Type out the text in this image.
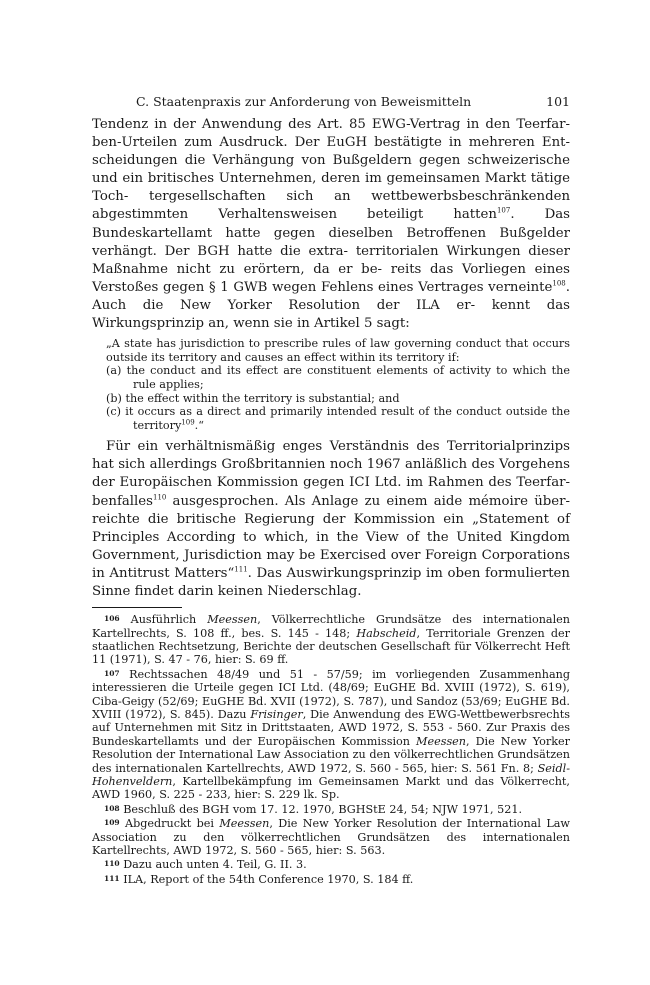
C. Staatenpraxis zur Anforderung von Beweismitteln	101

Tendenz in der Anwendung des Art. 85 EWG-Vertrag in den Teerfar- ben-Urteilen zum Ausdruck. Der EuGH bestätigte in mehreren Ent- scheidungen die Verhängung von Bußgeldern gegen schweizerische und ein britisches Unternehmen, deren im gemeinsamen Markt tätige Toch- tergesellschaften sich an wettbewerbsbeschränkenden abgestimmten Verhaltensweisen beteiligt hatten$^{107}$. Das Bundeskartellamt hatte gegen dieselben Betroffenen Bußgelder verhängt. Der BGH hatte die extra- territorialen Wirkungen dieser Maßnahme nicht zu erörtern, da er be- reits das Vorliegen eines Verstoßes gegen § 1 GWB wegen Fehlens eines Vertrages verneinte$^{108}$. Auch die New Yorker Resolution der ILA er- kennt das Wirkungsprinzip an, wenn sie in Artikel 5 sagt:

„A state has jurisdiction to prescribe rules of law governing conduct that occurs outside its territory and causes an effect within its territory if:

(a) the conduct and its effect are constituent elements of activity to which the rule applies;

(b) the effect within the territory is substantial; and

(c) it occurs as a direct and primarily intended result of the conduct outside the territory$^{109}$.“

Für ein verhältnismäßig enges Verständnis des Territorialprinzips hat sich allerdings Großbritannien noch 1967 anläßlich des Vorgehens der Europäischen Kommission gegen ICI Ltd. im Rahmen des Teerfar- benfalles$^{110}$ ausgesprochen. Als Anlage zu einem aide mémoire über- reichte die britische Regierung der Kommission ein „Statement of Principles According to which, in the View of the United Kingdom Government, Jurisdiction may be Exercised over Foreign Corporations in Antitrust Matters“$^{111}$. Das Auswirkungsprinzip im oben formulierten Sinne findet darin keinen Niederschlag.

106 Ausführlich Meessen, Völkerrechtliche Grundsätze des internationalen Kartellrechts, S. 108 ff., bes. S. 145 - 148; Habscheid, Territoriale Grenzen der staatlichen Rechtsetzung, Berichte der deutschen Gesellschaft für Völkerrecht Heft 11 (1971), S. 47 - 76, hier: S. 69 ff.

107 Rechtssachen 48/49 und 51 - 57/59; im vorliegenden Zusammenhang interessieren die Urteile gegen ICI Ltd. (48/69; EuGHE Bd. XVIII (1972), S. 619), Ciba-Geigy (52/69; EuGHE Bd. XVII (1972), S. 787), und Sandoz (53/69; EuGHE Bd. XVIII (1972), S. 845). Dazu Frisinger, Die Anwendung des EWG-Wettbewerbsrechts auf Unternehmen mit Sitz in Drittstaaten, AWD 1972, S. 553 - 560. Zur Praxis des Bundeskartellamts und der Europäischen Kommission Meessen, Die New Yorker Resolution der International Law Association zu den völkerrechtlichen Grundsätzen des internationalen Kartellrechts, AWD 1972, S. 560 - 565, hier: S. 561 Fn. 8; Seidl-Hohenveldern, Kartellbekämpfung im Gemeinsamen Markt und das Völkerrecht, AWD 1960, S. 225 - 233, hier: S. 229 lk. Sp.

108 Beschluß des BGH vom 17. 12. 1970, BGHStE 24, 54; NJW 1971, 521.

109 Abgedruckt bei Meessen, Die New Yorker Resolution der International Law Association zu den völkerrechtlichen Grundsätzen des internationalen Kartellrechts, AWD 1972, S. 560 - 565, hier: S. 563.

110 Dazu auch unten 4. Teil, G. II. 3.

111 ILA, Report of the 54th Conference 1970, S. 184 ff.
